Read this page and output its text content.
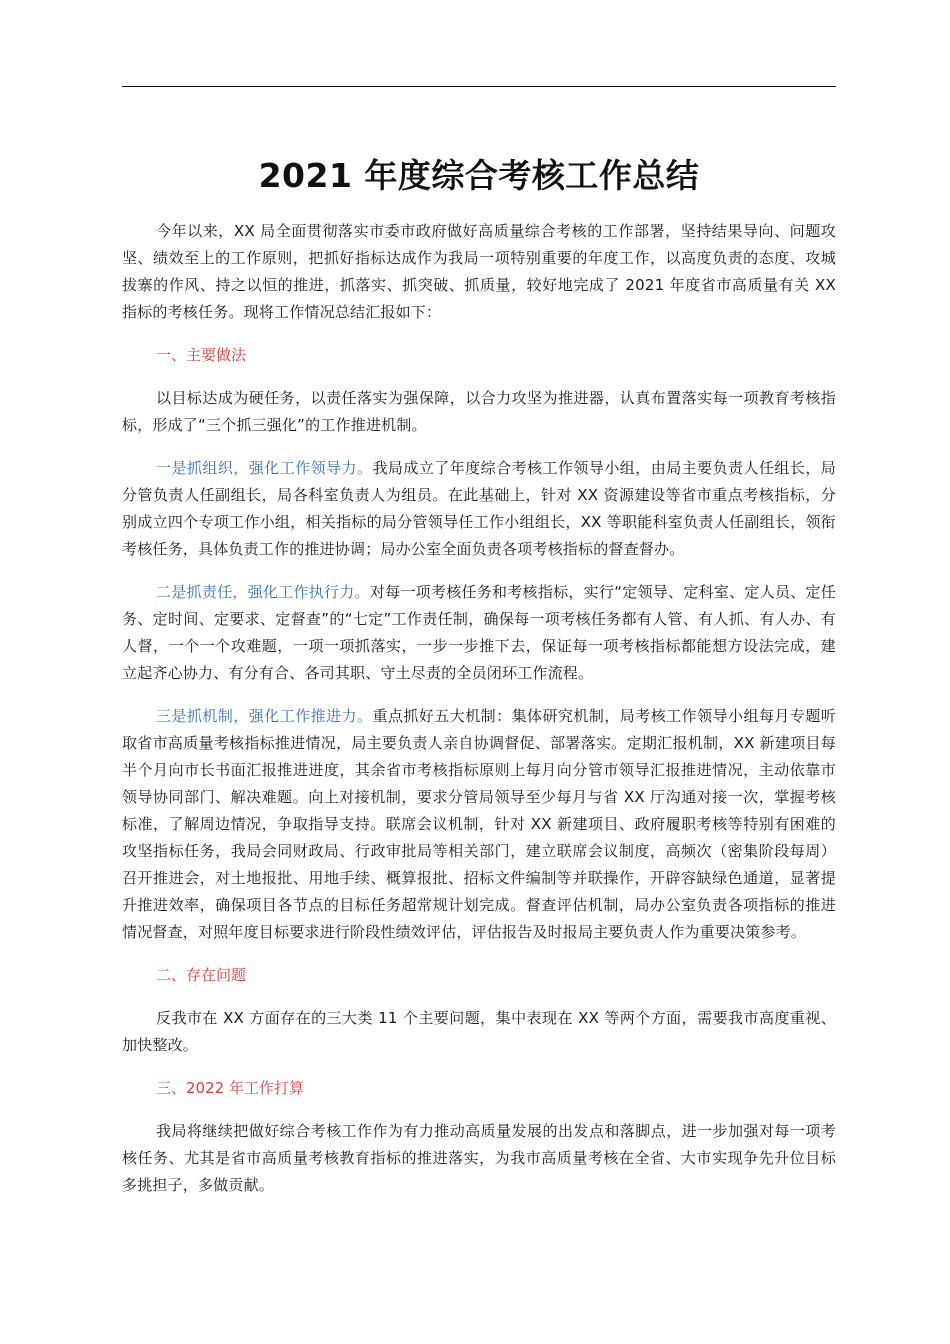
2021 年度综合考核工作总结

今年以来，XX 局全面贯彻落实市委市政府做好高质量综合考核的工作部署，坚持结果导向、问题攻坚、绩效至上的工作原则，把抓好指标达成作为我局一项特别重要的年度工作，以高度负责的态度、攻城拔寨的作风、持之以恒的推进，抓落实、抓突破、抓质量，较好地完成了 2021 年度省市高质量有关 XX 指标的考核任务。现将工作情况总结汇报如下：

一、主要做法

以目标达成为硬任务，以责任落实为强保障，以合力攻坚为推进器，认真布置落实每一项教育考核指标，形成了“三个抓三强化”的工作推进机制。

一是抓组织，强化工作领导力。我局成立了年度综合考核工作领导小组，由局主要负责人任组长，局分管负责人任副组长，局各科室负责人为组员。在此基础上，针对 XX 资源建设等省市重点考核指标，分别成立四个专项工作小组，相关指标的局分管领导任工作小组组长，XX 等职能科室负责人任副组长，领衔考核任务，具体负责工作的推进协调；局办公室全面负责各项考核指标的督查督办。

二是抓责任，强化工作执行力。对每一项考核任务和考核指标，实行“定领导、定科室、定人员、定任务、定时间、定要求、定督查”的“七定”工作责任制，确保每一项考核任务都有人管、有人抓、有人办、有人督，一个一个攻难题，一项一项抓落实，一步一步推下去，保证每一项考核指标都能想方设法完成，建立起齐心协力、有分有合、各司其职、守土尽责的全员闭环工作流程。

三是抓机制，强化工作推进力。重点抓好五大机制：集体研究机制，局考核工作领导小组每月专题听取省市高质量考核指标推进情况，局主要负责人亲自协调督促、部署落实。定期汇报机制，XX 新建项目每半个月向市长书面汇报推进进度，其余省市考核指标原则上每月向分管市领导汇报推进情况，主动依靠市领导协同部门、解决难题。向上对接机制，要求分管局领导至少每月与省 XX 厅沟通对接一次，掌握考核标准，了解周边情况，争取指导支持。联席会议机制，针对 XX 新建项目、政府履职考核等特别有困难的攻坚指标任务，我局会同财政局、行政审批局等相关部门，建立联席会议制度，高频次（密集阶段每周）召开推进会，对土地报批、用地手续、概算报批、招标文件编制等并联操作，开辟容缺绿色通道，显著提升推进效率，确保项目各节点的目标任务超常规计划完成。督查评估机制，局办公室负责各项指标的推进情况督查，对照年度目标要求进行阶段性绩效评估，评估报告及时报局主要负责人作为重要决策参考。

二、存在问题

反我市在 XX 方面存在的三大类 11 个主要问题，集中表现在 XX 等两个方面，需要我市高度重视、加快整改。

三、2022 年工作打算

我局将继续把做好综合考核工作作为有力推动高质量发展的出发点和落脚点，进一步加强对每一项考核任务、尤其是省市高质量考核教育指标的推进落实，为我市高质量考核在全省、大市实现争先升位目标多挑担子，多做贡献。
